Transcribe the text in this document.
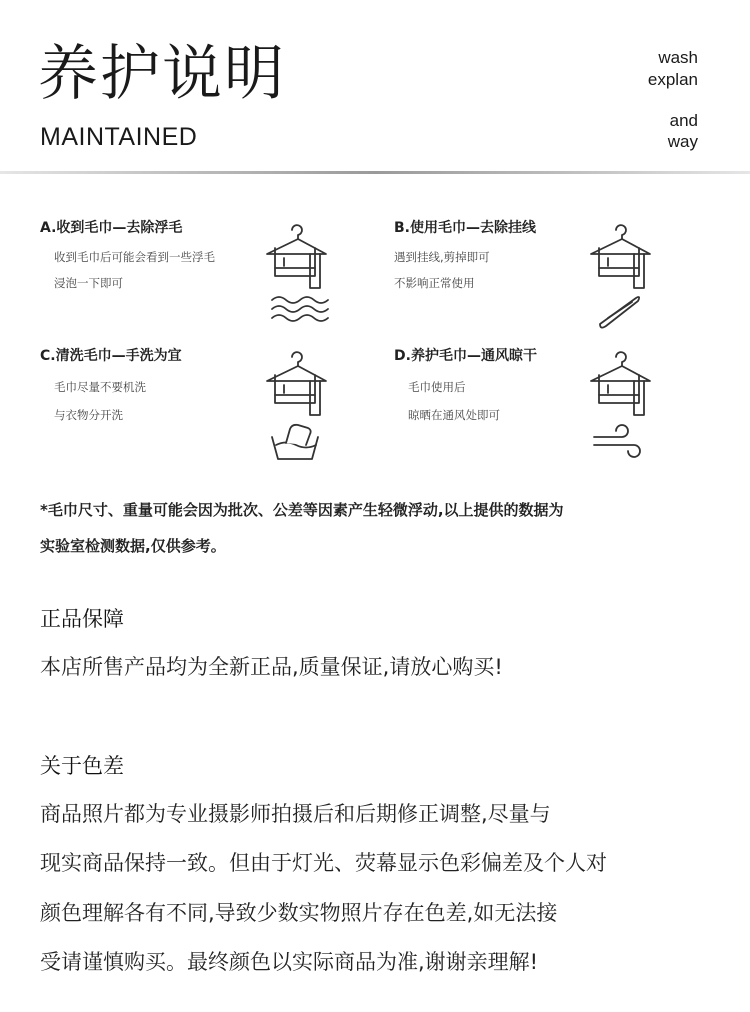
养护说明
MAINTAINED
wash
explan
and
way
A.收到毛巾—去除浮毛
收到毛巾后可能会看到一些浮毛
浸泡一下即可
B.使用毛巾—去除挂线
遇到挂线,剪掉即可
不影响正常使用
C.清洗毛巾—手洗为宜
毛巾尽量不要机洗
与衣物分开洗
D.养护毛巾—通风晾干
毛巾使用后
晾晒在通风处即可
*毛巾尺寸、重量可能会因为批次、公差等因素产生轻微浮动,以上提供的数据为
实验室检测数据,仅供参考。
正品保障
本店所售产品均为全新正品,质量保证,请放心购买!
关于色差
商品照片都为专业摄影师拍摄后和后期修正调整,尽量与
现实商品保持一致。但由于灯光、荧幕显示色彩偏差及个人对
颜色理解各有不同,导致少数实物照片存在色差,如无法接
受请谨慎购买。最终颜色以实际商品为准,谢谢亲理解!
